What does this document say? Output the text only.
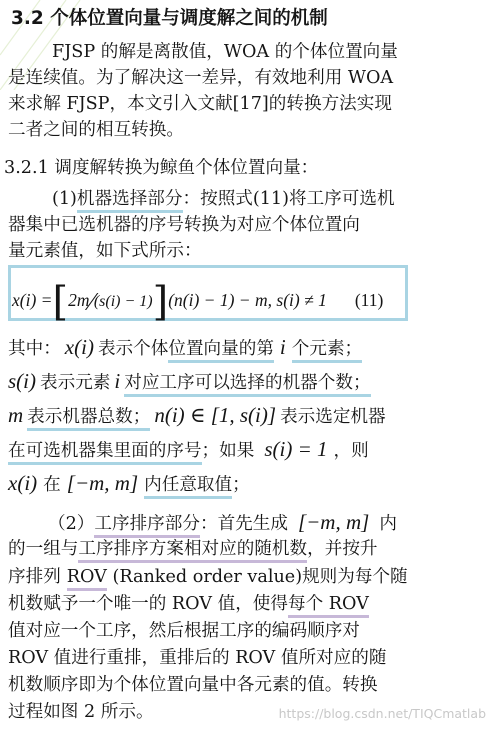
3.2 个体位置向量与调度解之间的机制
FJSP 的解是离散值，WOA 的个体位置向量
是连续值。为了解决这一差异，有效地利用 WOA
来求解 FJSP，本文引入文献[17]的转换方法实现
二者之间的相互转换。
3.2.1 调度解转换为鲸鱼个体位置向量：
(1)机器选择部分：按照式(11)将工序可选机
器集中已选机器的序号转换为对应个体位置向
量元素值，如下式所示：
x(i) =[2m∕(s(i) − 1)](n(i) − 1) − m, s(i) ≠ 1 (11)
其中： x(i) 表示个体位置向量的第 i 个元素；
s(i) 表示元素 i 对应工序可以选择的机器个数；
m 表示机器总数； n(i) ∈ [1, s(i)] 表示选定机器
在可选机器集里面的序号；如果 s(i) = 1 ，则
x(i) 在 [−m, m] 内任意取值；
（2）工序排序部分：首先生成 [−m, m] 内
的一组与工序排序方案相对应的随机数，并按升
序排列 ROV (Ranked order value)规则为每个随
机数赋予一个唯一的 ROV 值，使得每个 ROV
值对应一个工序，然后根据工序的编码顺序对
ROV 值进行重排，重排后的 ROV 值所对应的随
机数顺序即为个体位置向量中各元素的值。转换
过程如图 2 所示。	https://blog.csdn.net/TIQCmatlab
